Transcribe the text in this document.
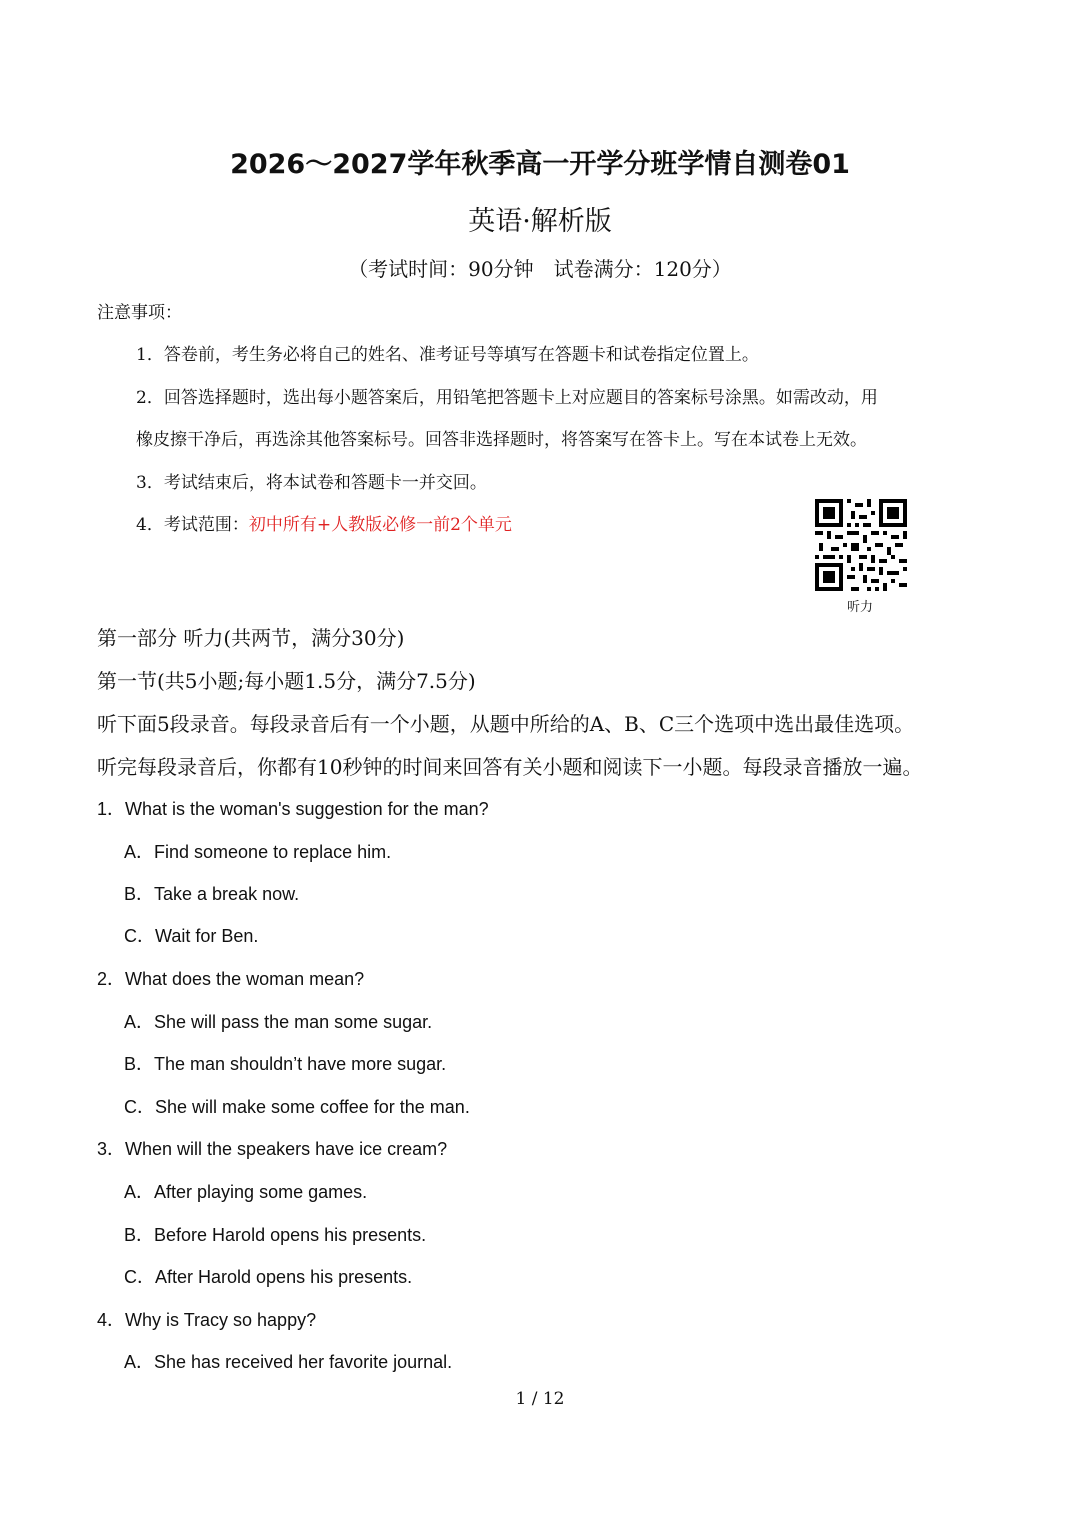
2026～2027学年秋季高一开学分班学情自测卷01
英语·解析版
（考试时间：90分钟　试卷满分：120分）
注意事项：
1．答卷前，考生务必将自己的姓名、准考证号等填写在答题卡和试卷指定位置上。
2．回答选择题时，选出每小题答案后，用铅笔把答题卡上对应题目的答案标号涂黑。如需改动，用
橡皮擦干净后，再选涂其他答案标号。回答非选择题时，将答案写在答卡上。写在本试卷上无效。
3．考试结束后，将本试卷和答题卡一并交回。
4．考试范围：初中所有+人教版必修一前2个单元
听力
第一部分 听力(共两节，满分30分)
第一节(共5小题;每小题1.5分，满分7.5分)
听下面5段录音。每段录音后有一个小题，从题中所给的A、B、C三个选项中选出最佳选项。
听完每段录音后，你都有10秒钟的时间来回答有关小题和阅读下一小题。每段录音播放一遍。
1．What is the woman's suggestion for the man?
A．Find someone to replace him.
B．Take a break now.
C．Wait for Ben.
2．What does the woman mean?
A．She will pass the man some sugar.
B．The man shouldn’t have more sugar.
C．She will make some coffee for the man.
3．When will the speakers have ice cream?
A．After playing some games.
B．Before Harold opens his presents.
C．After Harold opens his presents.
4．Why is Tracy so happy?
A．She has received her favorite journal.
1 / 12
